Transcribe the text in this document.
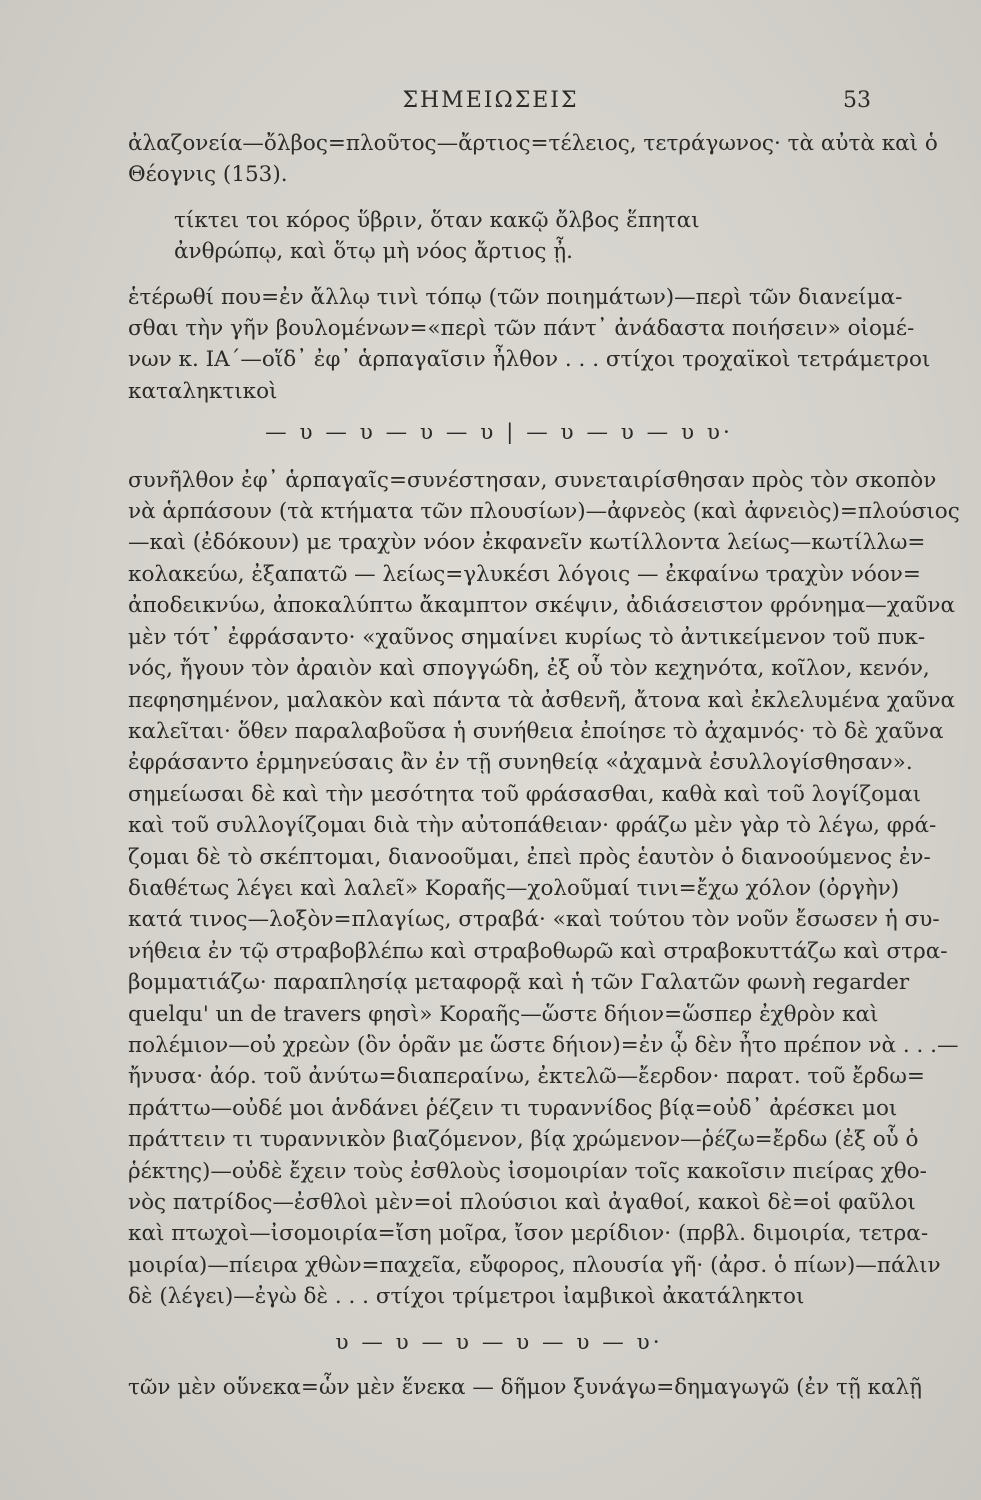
ΣΗΜΕΙΩΣΕΙΣ	53
ἀλαζονεία—ὄλβος=πλοῦτος—ἄρτιος=τέλειος, τετράγωνος· τὰ αὐτὰ καὶ ὁ
Θέογνις (153).
τίκτει τοι κόρος ὕβριν, ὅταν κακῷ ὄλβος ἕπηται
ἀνθρώπῳ, καὶ ὅτῳ μὴ νόος ἄρτιος ᾖ.
ἑτέρωθί που=ἐν ἄλλῳ τινὶ τόπῳ (τῶν ποιημάτων)—περὶ τῶν διανείμα-
σθαι τὴν γῆν βουλομένων=«περὶ τῶν πάντ᾽ ἀνάδαστα ποιήσειν» οἰομέ-
νων κ. ΙΑ΄—οἵδ᾽ ἐφ᾽ ἁρπαγαῖσιν ἦλθον . . . στίχοι τροχαϊκοὶ τετράμετροι
καταληκτικοὶ
— υ — υ — υ — υ | — υ — υ — υ υ·
συνῆλθον ἐφ᾽ ἁρπαγαῖς=συνέστησαν, συνεταιρίσθησαν πρὸς τὸν σκοπὸν
νὰ ἁρπάσουν (τὰ κτήματα τῶν πλουσίων)—ἀφνεὸς (καὶ ἀφνειὸς)=πλούσιος
—καὶ (ἐδόκουν) με τραχὺν νόον ἐκφανεῖν κωτίλλοντα λείως—κωτίλλω=
κολακεύω, ἐξαπατῶ — λείως=γλυκέσι λόγοις — ἐκφαίνω τραχὺν νόον=
ἀποδεικνύω, ἀποκαλύπτω ἄκαμπτον σκέψιν, ἀδιάσειστον φρόνημα—χαῦνα
μὲν τότ᾽ ἐφράσαντο· «χαῦνος σημαίνει κυρίως τὸ ἀντικείμενον τοῦ πυκ-
νός, ἤγουν τὸν ἀραιὸν καὶ σπογγώδη, ἐξ οὗ τὸν κεχηνότα, κοῖλον, κενόν,
πεφησημένον, μαλακὸν καὶ πάντα τὰ ἀσθενῆ, ἄτονα καὶ ἐκλελυμένα χαῦνα
καλεῖται· ὅθεν παραλαβοῦσα ἡ συνήθεια ἐποίησε τὸ ἀχαμνός· τὸ δὲ χαῦνα
ἐφράσαντο ἑρμηνεύσαις ἂν ἐν τῇ συνηθείᾳ «ἀχαμνὰ ἐσυλλογίσθησαν».
σημείωσαι δὲ καὶ τὴν μεσότητα τοῦ φράσασθαι, καθὰ καὶ τοῦ λογίζομαι
καὶ τοῦ συλλογίζομαι διὰ τὴν αὐτοπάθειαν· φράζω μὲν γὰρ τὸ λέγω, φρά-
ζομαι δὲ τὸ σκέπτομαι, διανοοῦμαι, ἐπεὶ πρὸς ἑαυτὸν ὁ διανοούμενος ἐν-
διαθέτως λέγει καὶ λαλεῖ» Κοραῆς—χολοῦμαί τινι=ἔχω χόλον (ὀργὴν)
κατά τινος—λοξὸν=πλαγίως, στραβά· «καὶ τούτου τὸν νοῦν ἔσωσεν ἡ συ-
νήθεια ἐν τῷ στραβοβλέπω καὶ στραβοθωρῶ καὶ στραβοκυττάζω καὶ στρα-
βομματιάζω· παραπλησίᾳ μεταφορᾷ καὶ ἡ τῶν Γαλατῶν φωνὴ regarder
quelqu' un de travers φησὶ» Κοραῆς—ὥστε δήιον=ὥσπερ ἐχθρὸν καὶ
πολέμιον—οὐ χρεὼν (ὃν ὁρᾶν με ὥστε δήιον)=ἐν ᾧ δὲν ἦτο πρέπον νὰ . . .—
ἤνυσα· ἀόρ. τοῦ ἀνύτω=διαπεραίνω, ἐκτελῶ—ἔερδον· παρατ. τοῦ ἔρδω=
πράττω—οὐδέ μοι ἁνδάνει ῥέζειν τι τυραννίδος βίᾳ=οὐδ᾽ ἀρέσκει μοι
πράττειν τι τυραννικὸν βιαζόμενον, βίᾳ χρώμενον—ῥέζω=ἔρδω (ἐξ οὗ ὁ
ῥέκτης)—οὐδὲ ἔχειν τοὺς ἐσθλοὺς ἰσομοιρίαν τοῖς κακοῖσιν πιείρας χθο-
νὸς πατρίδος—ἐσθλοὶ μὲν=οἱ πλούσιοι καὶ ἀγαθοί, κακοὶ δὲ=οἱ φαῦλοι
καὶ πτωχοὶ—ἰσομοιρία=ἴση μοῖρα, ἴσον μερίδιον· (πρβλ. διμοιρία, τετρα-
μοιρία)—πίειρα χθὼν=παχεῖα, εὔφορος, πλουσία γῆ· (ἀρσ. ὁ πίων)—πάλιν
δὲ (λέγει)—ἐγὼ δὲ . . . στίχοι τρίμετροι ἰαμβικοὶ ἀκατάληκτοι
υ — υ — υ — υ — υ — υ·
τῶν μὲν οὕνεκα=ὧν μὲν ἕνεκα — δῆμον ξυνάγω=δημαγωγῶ (ἐν τῇ καλῇ
